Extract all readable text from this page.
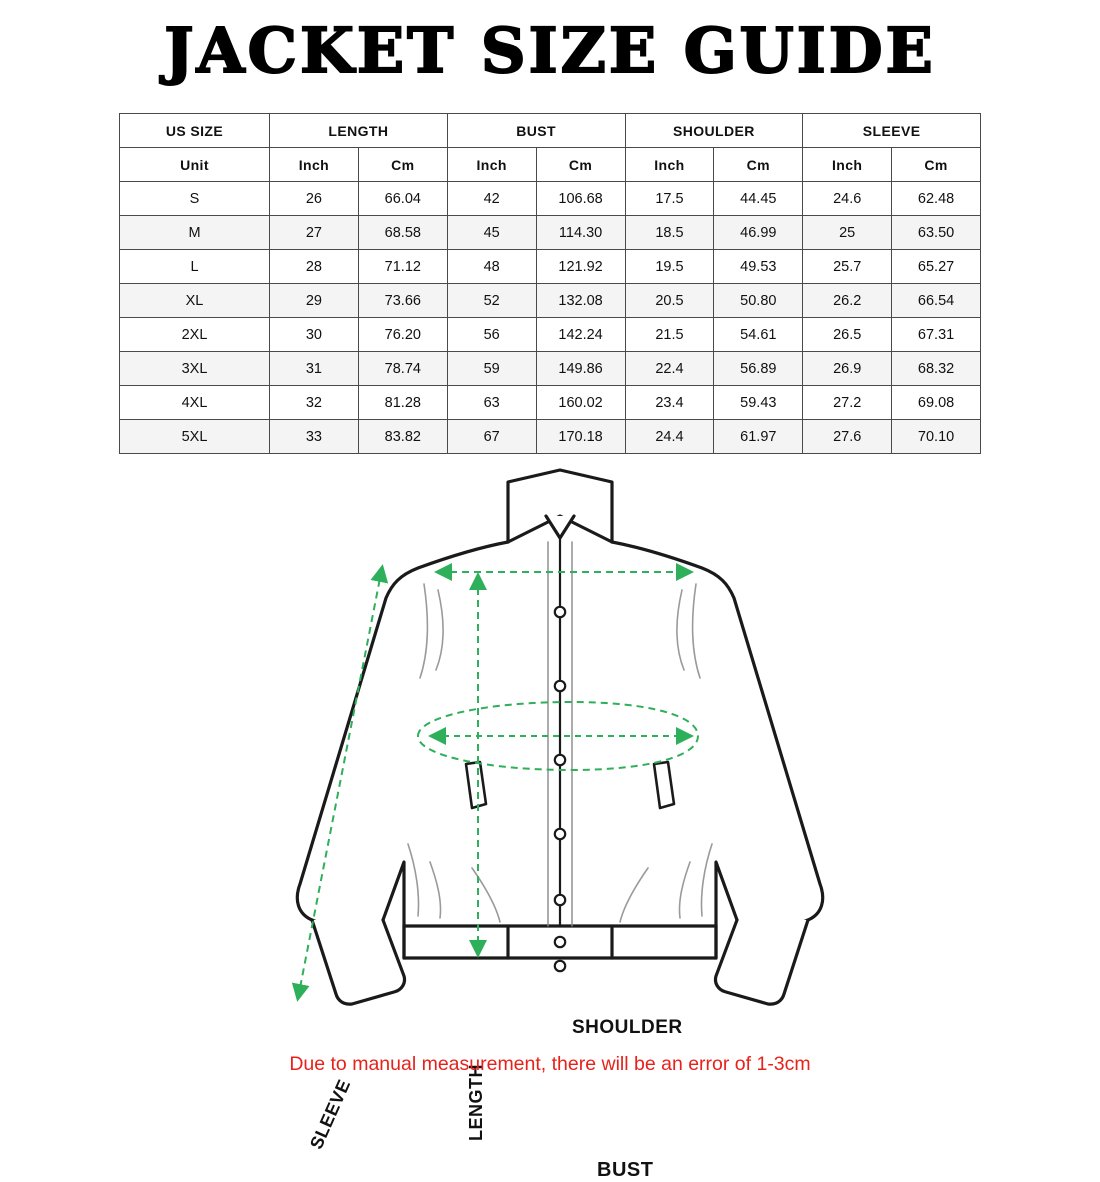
JACKET SIZE GUIDE
US SIZE	LENGTH		BUST		SHOULDER		SLEEVE	
Unit	Inch	Cm	Inch	Cm	Inch	Cm	Inch	Cm
S	26	66.04	42	106.68	17.5	44.45	24.6	62.48
M	27	68.58	45	114.30	18.5	46.99	25	63.50
L	28	71.12	48	121.92	19.5	49.53	25.7	65.27
XL	29	73.66	52	132.08	20.5	50.80	26.2	66.54
2XL	30	76.20	56	142.24	21.5	54.61	26.5	67.31
3XL	31	78.74	59	149.86	22.4	56.89	26.9	68.32
4XL	32	81.28	63	160.02	23.4	59.43	27.2	69.08
5XL	33	83.82	67	170.18	24.4	61.97	27.6	70.10
SHOULDER
BUST
LENGTH
SLEEVE
Due to manual measurement, there will be an error of 1-3cm
